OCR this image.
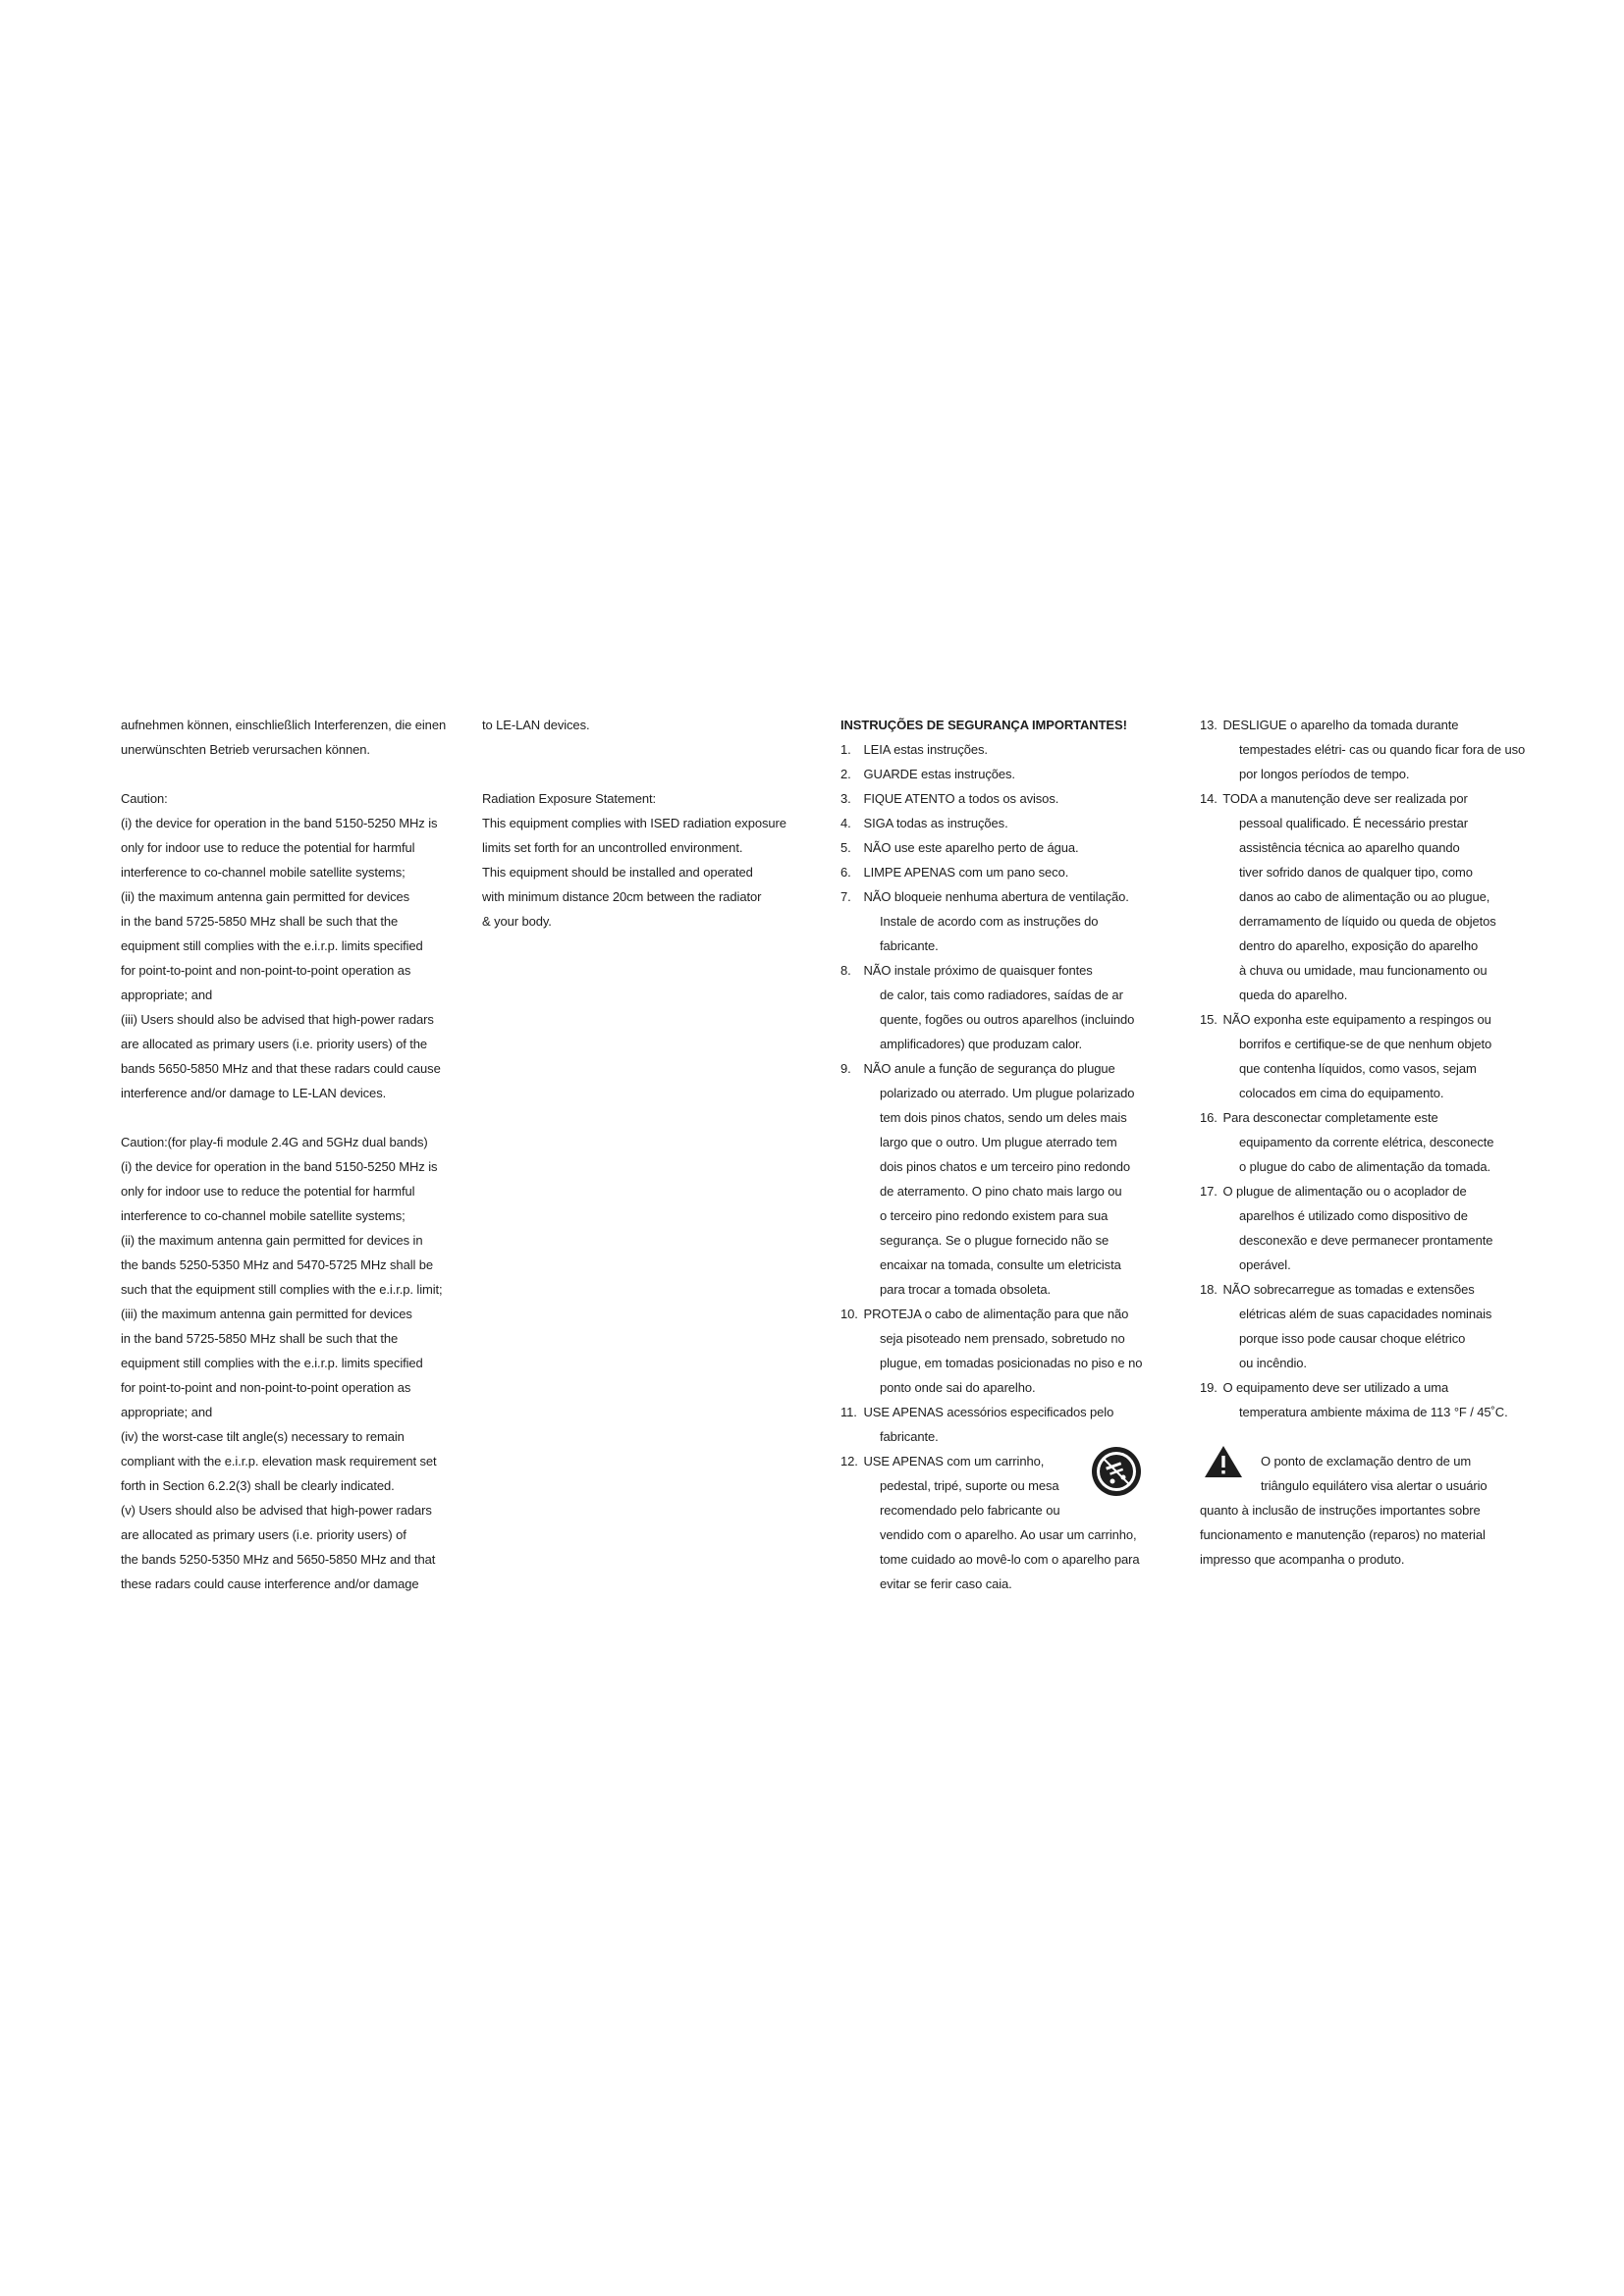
aufnehmen können, einschließlich Interferenzen, die einen
unerwünschten Betrieb verursachen können.
Caution:
(i) the device for operation in the band 5150-5250 MHz is
only for indoor use to reduce the potential for harmful
interference to co-channel mobile satellite systems;
(ii) the maximum antenna gain permitted for devices
in the band 5725-5850 MHz shall be such that the
equipment still complies with the e.i.r.p. limits specified
for point-to-point and non-point-to-point operation as
appropriate; and
(iii) Users should also be advised that high-power radars
are allocated as primary users (i.e. priority users) of the
bands 5650-5850 MHz and that these radars could cause
interference and/or damage to LE-LAN devices.
Caution:(for play-fi module 2.4G and 5GHz dual bands)
(i) the device for operation in the band 5150-5250 MHz is
only for indoor use to reduce the potential for harmful
interference to co-channel mobile satellite systems;
(ii) the maximum antenna gain permitted for devices in
the bands 5250-5350 MHz and 5470-5725 MHz shall be
such that the equipment still complies with the e.i.r.p. limit;
(iii) the maximum antenna gain permitted for devices
in the band 5725-5850 MHz shall be such that the
equipment still complies with the e.i.r.p. limits specified
for point-to-point and non-point-to-point operation as
appropriate; and
(iv) the worst-case tilt angle(s) necessary to remain
compliant with the e.i.r.p. elevation mask requirement set
forth in Section 6.2.2(3) shall be clearly indicated.
(v) Users should also be advised that high-power radars
are allocated as primary users (i.e. priority users) of
the bands 5250-5350 MHz and 5650-5850 MHz and that
these radars could cause interference and/or damage
to LE-LAN devices.
Radiation Exposure Statement:
This equipment complies with ISED radiation exposure
limits set forth for an uncontrolled environment.
This equipment should be installed and operated
with minimum distance 20cm between the radiator
& your body.
INSTRUÇÕES DE SEGURANÇA IMPORTANTES!
1. LEIA estas instruções.
2. GUARDE estas instruções.
3. FIQUE ATENTO a todos os avisos.
4. SIGA todas as instruções.
5. NÃO use este aparelho perto de água.
6. LIMPE APENAS com um pano seco.
7. NÃO bloqueie nenhuma abertura de ventilação.
Instale de acordo com as instruções do
fabricante.
8. NÃO instale próximo de quaisquer fontes
de calor, tais como radiadores, saídas de ar
quente, fogões ou outros aparelhos (incluindo
amplificadores) que produzam calor.
9. NÃO anule a função de segurança do plugue
polarizado ou aterrado. Um plugue polarizado
tem dois pinos chatos, sendo um deles mais
largo que o outro. Um plugue aterrado tem
dois pinos chatos e um terceiro pino redondo
de aterramento. O pino chato mais largo ou
o terceiro pino redondo existem para sua
segurança. Se o plugue fornecido não se
encaixar na tomada, consulte um eletricista
para trocar a tomada obsoleta.
10. PROTEJA o cabo de alimentação para que não
seja pisoteado nem prensado, sobretudo no
plugue, em tomadas posicionadas no piso e no
ponto onde sai do aparelho.
11. USE APENAS acessórios especificados pelo
fabricante.
12. USE APENAS com um carrinho,
pedestal, tripé, suporte ou mesa
recomendado pelo fabricante ou
vendido com o aparelho. Ao usar um carrinho,
tome cuidado ao movê-lo com o aparelho para
evitar se ferir caso caia.
13. DESLIGUE o aparelho da tomada durante
tempestades elétri- cas ou quando ficar fora de uso
por longos períodos de tempo.
14. TODA a manutenção deve ser realizada por
pessoal qualificado. É necessário prestar
assistência técnica ao aparelho quando
tiver sofrido danos de qualquer tipo, como
danos ao cabo de alimentação ou ao plugue,
derramamento de líquido ou queda de objetos
dentro do aparelho, exposição do aparelho
à chuva ou umidade, mau funcionamento ou
queda do aparelho.
15. NÃO exponha este equipamento a respingos ou
borrifos e certifique-se de que nenhum objeto
que contenha líquidos, como vasos, sejam
colocados em cima do equipamento.
16. Para desconectar completamente este
equipamento da corrente elétrica, desconecte
o plugue do cabo de alimentação da tomada.
17. O plugue de alimentação ou o acoplador de
aparelhos é utilizado como dispositivo de
desconexão e deve permanecer prontamente
operável.
18. NÃO sobrecarregue as tomadas e extensões
elétricas além de suas capacidades nominais
porque isso pode causar choque elétrico
ou incêndio.
19. O equipamento deve ser utilizado a uma
temperatura ambiente máxima de 113 °F / 45˚C.
O ponto de exclamação dentro de um
triângulo equilátero visa alertar o usuário
quanto à inclusão de instruções importantes sobre
funcionamento e manutenção (reparos) no material
impresso que acompanha o produto.
